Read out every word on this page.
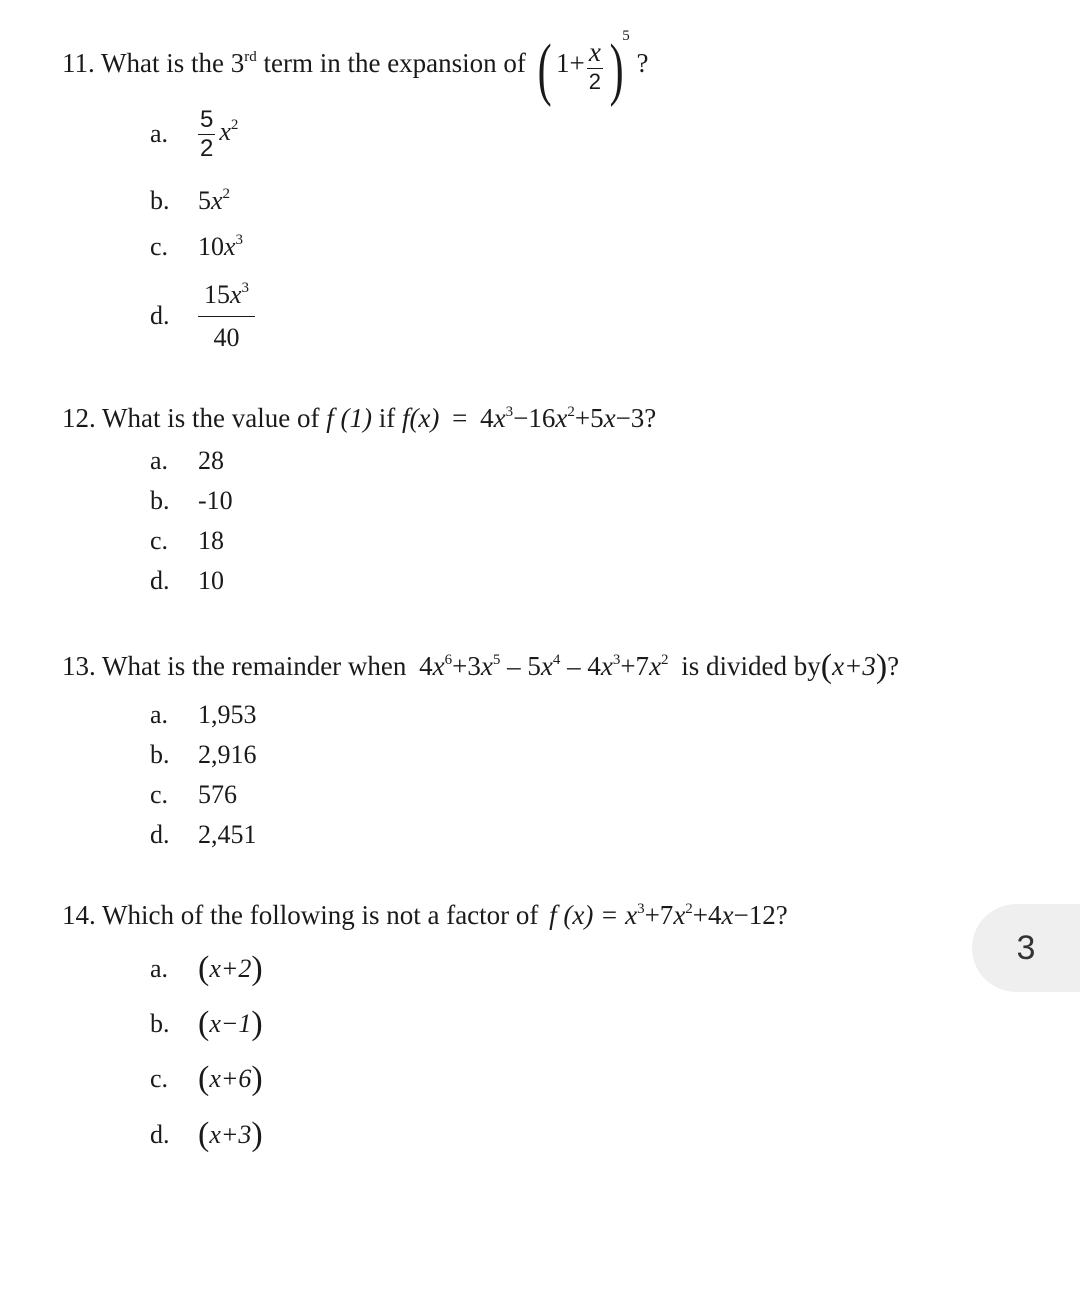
11. What is the 3rd term in the expansion of ( $1+ \frac{x}{2} )^5$ ?
a. $\frac{5}{2} x^2$
b. $5x^2$
c. $10x^3$
d. $\frac{15x^3}{40}$
12. What is the value of f (1) if $f(x) = 4x^3-16x^2+5x-3$?
a. 28
b. -10
c. 18
d. 10
13. What is the remainder when $4x^6+3x^5 - 5x^4 - 4x^3+7x^2$ is divided by(x+3)?
a. 1,953
b. 2,916
c. 576
d. 2,451
14. Which of the following is not a factor of f $(x) = x^3+7x^2+4x-12$?
a. (x+2)
b. (x−1)
c. (x+6)
d. (x+3)
3
